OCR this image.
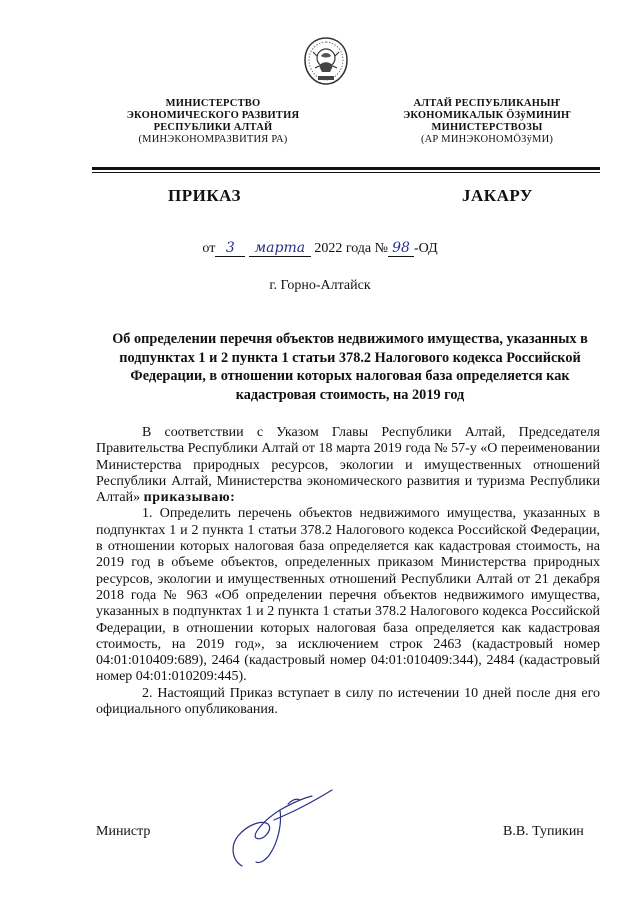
МИНИСТЕРСТВО
ЭКОНОМИЧЕСКОГО РАЗВИТИЯ
РЕСПУБЛИКИ АЛТАЙ
(МИНЭКОНОМРАЗВИТИЯ РА)
АЛТАЙ РЕСПУБЛИКАНЫҤ
ЭКОНОМИКАЛЫК ÖЗÿМИНИҤ
МИНИСТЕРСТВОЗЫ
(АР МИНЭКОНОМÖЗÿМИ)
ПРИКАЗ	JАКАРУ
от 3 марта 2022 года № 98 -ОД
г. Горно-Алтайск
Об определении перечня объектов недвижимого имущества, указанных в подпунктах 1 и 2 пункта 1 статьи 378.2 Налогового кодекса Российской Федерации, в отношении которых налоговая база определяется как кадастровая стоимость, на 2019 год

В соответствии с Указом Главы Республики Алтай, Председателя Правительства Республики Алтай от 18 марта 2019 года № 57-у «О переименовании Министерства природных ресурсов, экологии и имущественных отношений Республики Алтай, Министерства экономического развития и туризма Республики Алтай» приказываю:

1. Определить перечень объектов недвижимого имущества, указанных в подпунктах 1 и 2 пункта 1 статьи 378.2 Налогового кодекса Российской Федерации, в отношении которых налоговая база определяется как кадастровая стоимость, на 2019 год в объеме объектов, определенных приказом Министерства природных ресурсов, экологии и имущественных отношений Республики Алтай от 21 декабря 2018 года № 963 «Об определении перечня объектов недвижимого имущества, указанных в подпунктах 1 и 2 пункта 1 статьи 378.2 Налогового кодекса Российской Федерации, в отношении которых налоговая база определяется как кадастровая стоимость, на 2019 год», за исключением строк 2463 (кадастровый номер 04:01:010409:689), 2464 (кадастровый номер 04:01:010409:344), 2484 (кадастровый номер 04:01:010209:445).

2. Настоящий Приказ вступает в силу по истечении 10 дней после дня его официального опубликования.

Министр	В.В. Тупикин
